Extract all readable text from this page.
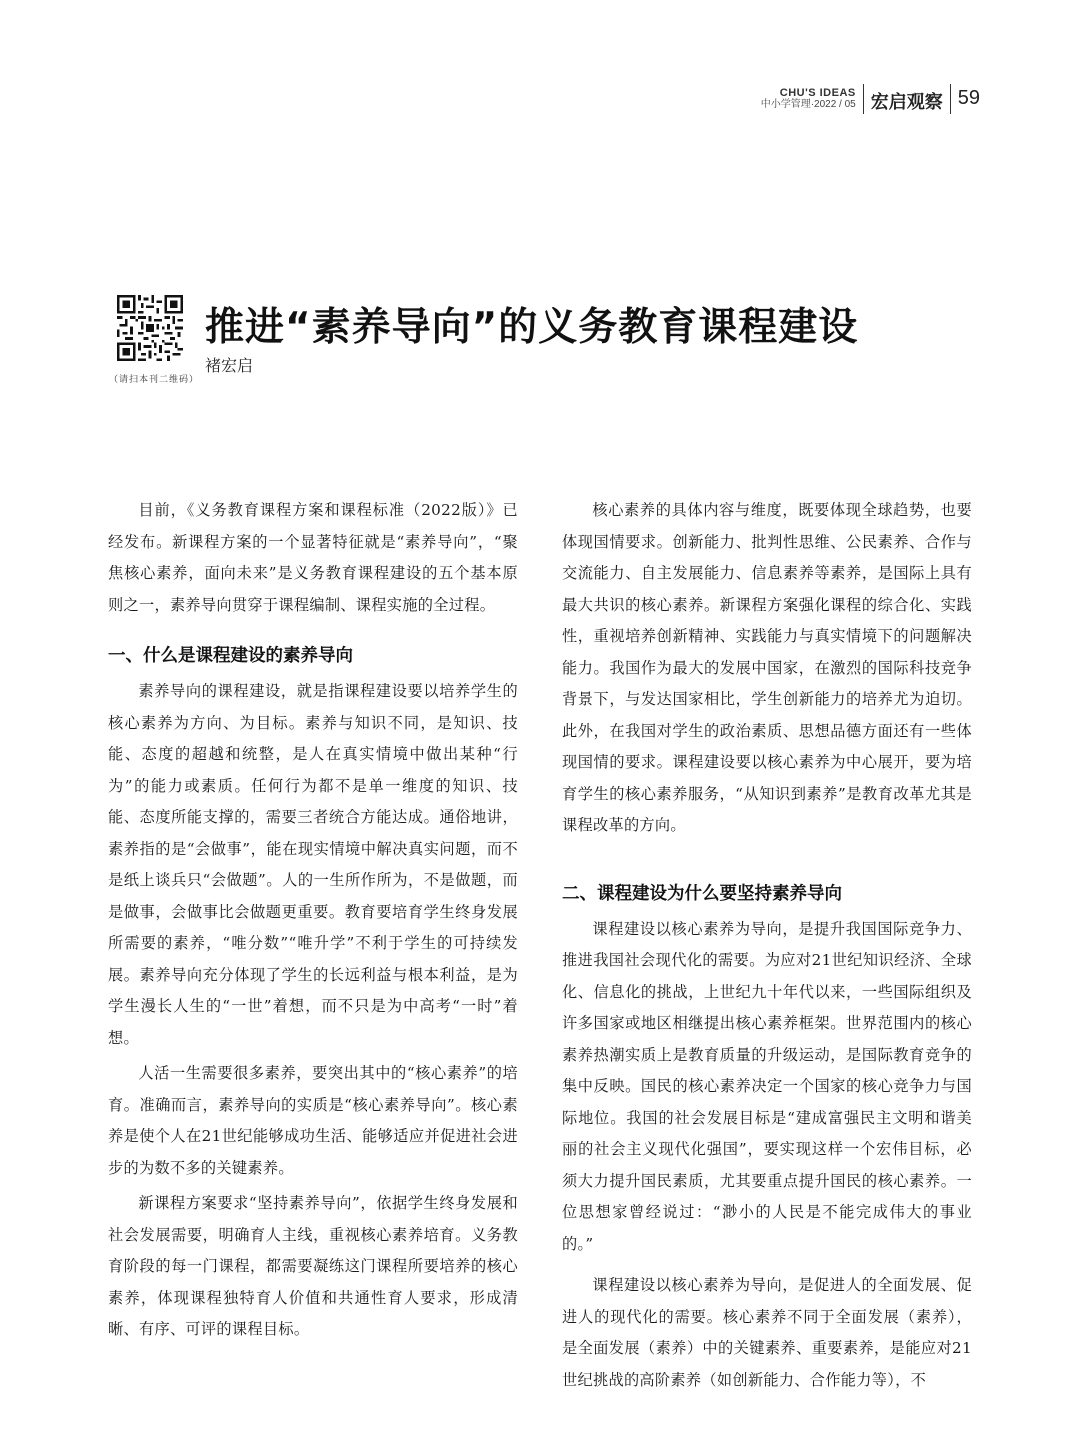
CHU'S IDEAS
中小学管理·2022 / 05 宏启观察 59
（请扫本刊二维码）
推进“素养导向”的义务教育课程建设
褚宏启

目前，《义务教育课程方案和课程标准（2022版）》已经发布。新课程方案的一个显著特征就是“素养导向”，“聚焦核心素养，面向未来”是义务教育课程建设的五个基本原则之一，素养导向贯穿于课程编制、课程实施的全过程。

一、什么是课程建设的素养导向

素养导向的课程建设，就是指课程建设要以培养学生的核心素养为方向、为目标。素养与知识不同，是知识、技能、态度的超越和统整，是人在真实情境中做出某种“行为”的能力或素质。任何行为都不是单一维度的知识、技能、态度所能支撑的，需要三者统合方能达成。通俗地讲，素养指的是“会做事”，能在现实情境中解决真实问题，而不是纸上谈兵只“会做题”。人的一生所作所为，不是做题，而是做事，会做事比会做题更重要。教育要培育学生终身发展所需要的素养，“唯分数”“唯升学”不利于学生的可持续发展。素养导向充分体现了学生的长远利益与根本利益，是为学生漫长人生的“一世”着想，而不只是为中高考“一时”着想。

人活一生需要很多素养，要突出其中的“核心素养”的培育。准确而言，素养导向的实质是“核心素养导向”。核心素养是使个人在21世纪能够成功生活、能够适应并促进社会进步的为数不多的关键素养。

新课程方案要求“坚持素养导向”，依据学生终身发展和社会发展需要，明确育人主线，重视核心素养培育。义务教育阶段的每一门课程，都需要凝练这门课程所要培养的核心素养，体现课程独特育人价值和共通性育人要求，形成清晰、有序、可评的课程目标。

核心素养的具体内容与维度，既要体现全球趋势，也要体现国情要求。创新能力、批判性思维、公民素养、合作与交流能力、自主发展能力、信息素养等素养，是国际上具有最大共识的核心素养。新课程方案强化课程的综合化、实践性，重视培养创新精神、实践能力与真实情境下的问题解决能力。我国作为最大的发展中国家，在激烈的国际科技竞争背景下，与发达国家相比，学生创新能力的培养尤为迫切。此外，在我国对学生的政治素质、思想品德方面还有一些体现国情的要求。课程建设要以核心素养为中心展开，要为培育学生的核心素养服务，“从知识到素养”是教育改革尤其是课程改革的方向。

二、课程建设为什么要坚持素养导向

课程建设以核心素养为导向，是提升我国国际竞争力、推进我国社会现代化的需要。为应对21世纪知识经济、全球化、信息化的挑战，上世纪九十年代以来，一些国际组织及许多国家或地区相继提出核心素养框架。世界范围内的核心素养热潮实质上是教育质量的升级运动，是国际教育竞争的集中反映。国民的核心素养决定一个国家的核心竞争力与国际地位。我国的社会发展目标是“建成富强民主文明和谐美丽的社会主义现代化强国”，要实现这样一个宏伟目标，必须大力提升国民素质，尤其要重点提升国民的核心素养。一位思想家曾经说过：“渺小的人民是不能完成伟大的事业的。”

课程建设以核心素养为导向，是促进人的全面发展、促进人的现代化的需要。核心素养不同于全面发展（素养），是全面发展（素养）中的关键素养、重要素养，是能应对21世纪挑战的高阶素养（如创新能力、合作能力等），不
